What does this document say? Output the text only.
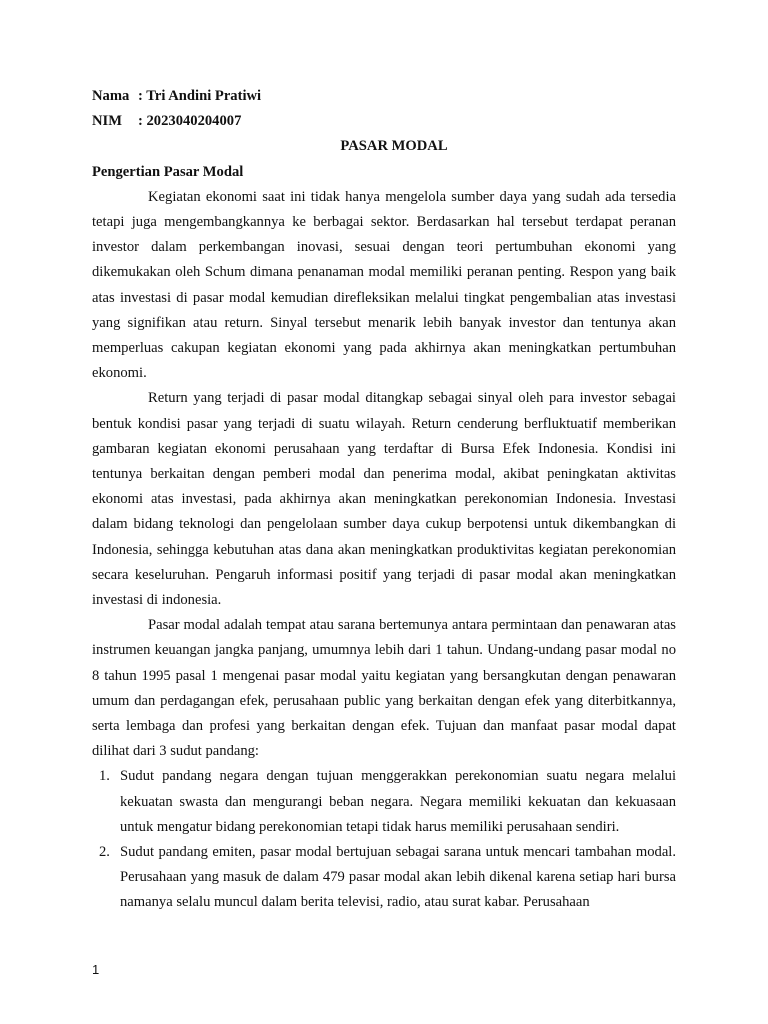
Nama : Tri Andini Pratiwi
NIM : 2023040204007
PASAR MODAL
Pengertian Pasar Modal

Kegiatan ekonomi saat ini tidak hanya mengelola sumber daya yang sudah ada tersedia tetapi juga mengembangkannya ke berbagai sektor. Berdasarkan hal tersebut terdapat peranan investor dalam perkembangan inovasi, sesuai dengan teori pertumbuhan ekonomi yang dikemukakan oleh Schum dimana penanaman modal memiliki peranan penting. Respon yang baik atas investasi di pasar modal kemudian direfleksikan melalui tingkat pengembalian atas investasi yang signifikan atau return. Sinyal tersebut menarik lebih banyak investor dan tentunya akan memperluas cakupan kegiatan ekonomi yang pada akhirnya akan meningkatkan pertumbuhan ekonomi.

Return yang terjadi di pasar modal ditangkap sebagai sinyal oleh para investor sebagai bentuk kondisi pasar yang terjadi di suatu wilayah. Return cenderung berfluktuatif memberikan gambaran kegiatan ekonomi perusahaan yang terdaftar di Bursa Efek Indonesia. Kondisi ini tentunya berkaitan dengan pemberi modal dan penerima modal, akibat peningkatan aktivitas ekonomi atas investasi, pada akhirnya akan meningkatkan perekonomian Indonesia. Investasi dalam bidang teknologi dan pengelolaan sumber daya cukup berpotensi untuk dikembangkan di Indonesia, sehingga kebutuhan atas dana akan meningkatkan produktivitas kegiatan perekonomian secara keseluruhan. Pengaruh informasi positif yang terjadi di pasar modal akan meningkatkan investasi di indonesia.

Pasar modal adalah tempat atau sarana bertemunya antara permintaan dan penawaran atas instrumen keuangan jangka panjang, umumnya lebih dari 1 tahun. Undang-undang pasar modal no 8 tahun 1995 pasal 1 mengenai pasar modal yaitu kegiatan yang bersangkutan dengan penawaran umum dan perdagangan efek, perusahaan public yang berkaitan dengan efek yang diterbitkannya, serta lembaga dan profesi yang berkaitan dengan efek. Tujuan dan manfaat pasar modal dapat dilihat dari 3 sudut pandang:

1. Sudut pandang negara dengan tujuan menggerakkan perekonomian suatu negara melalui kekuatan swasta dan mengurangi beban negara. Negara memiliki kekuatan dan kekuasaan untuk mengatur bidang perekonomian tetapi tidak harus memiliki perusahaan sendiri.
2. Sudut pandang emiten, pasar modal bertujuan sebagai sarana untuk mencari tambahan modal. Perusahaan yang masuk de dalam 479 pasar modal akan lebih dikenal karena setiap hari bursa namanya selalu muncul dalam berita televisi, radio, atau surat kabar. Perusahaan
1
